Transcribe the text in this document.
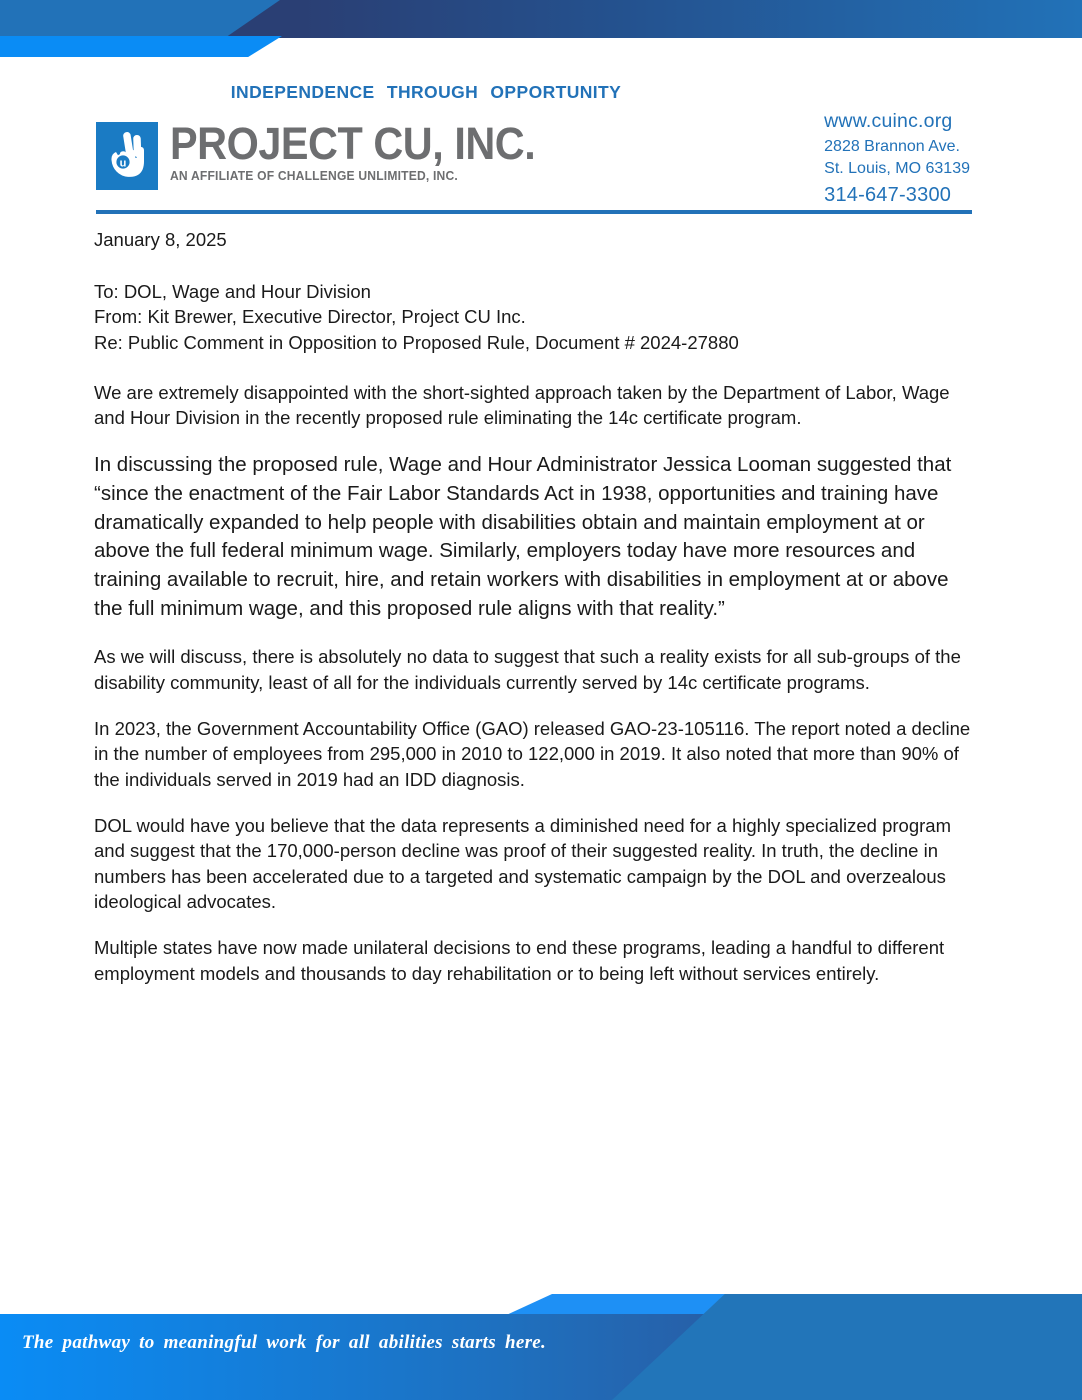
INDEPENDENCE THROUGH OPPORTUNITY
u PROJECT CU, INC.
AN AFFILIATE OF CHALLENGE UNLIMITED, INC.
www.cuinc.org
2828 Brannon Ave.
St. Louis, MO 63139
314-647-3300
January 8, 2025
To: DOL, Wage and Hour Division
From: Kit Brewer, Executive Director, Project CU Inc.
Re: Public Comment in Opposition to Proposed Rule, Document # 2024-27880

We are extremely disappointed with the short-sighted approach taken by the Department of Labor, Wage and Hour Division in the recently proposed rule eliminating the 14c certificate program.

In discussing the proposed rule, Wage and Hour Administrator Jessica Looman suggested that “since the enactment of the Fair Labor Standards Act in 1938, opportunities and training have dramatically expanded to help people with disabilities obtain and maintain employment at or above the full federal minimum wage. Similarly, employers today have more resources and training available to recruit, hire, and retain workers with disabilities in employment at or above the full minimum wage, and this proposed rule aligns with that reality.”

As we will discuss, there is absolutely no data to suggest that such a reality exists for all sub-groups of the disability community, least of all for the individuals currently served by 14c certificate programs.

In 2023, the Government Accountability Office (GAO) released GAO-23-105116. The report noted a decline in the number of employees from 295,000 in 2010 to 122,000 in 2019. It also noted that more than 90% of the individuals served in 2019 had an IDD diagnosis.

DOL would have you believe that the data represents a diminished need for a highly specialized program and suggest that the 170,000-person decline was proof of their suggested reality. In truth, the decline in numbers has been accelerated due to a targeted and systematic campaign by the DOL and overzealous ideological advocates.

Multiple states have now made unilateral decisions to end these programs, leading a handful to different employment models and thousands to day rehabilitation or to being left without services entirely.

The pathway to meaningful work for all abilities starts here.
